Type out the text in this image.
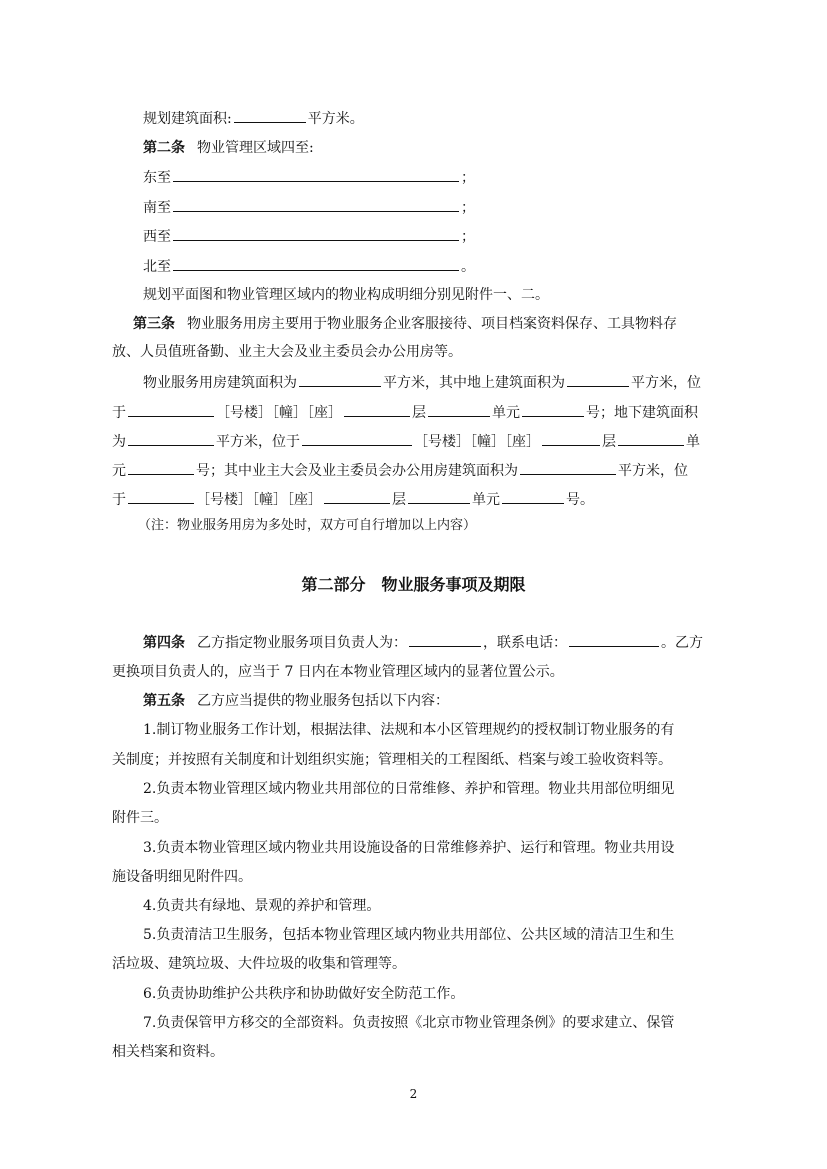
规划建筑面积:	平方米。
第二条 物业管理区域四至:
东至	；
南至	；
西至	；
北至	。
规划平面图和物业管理区域内的物业构成明细分别见附件一、二。
第三条 物业服务用房主要用于物业服务企业客服接待、项目档案资料保存、工具物料存
放、人员值班备勤、业主大会及业主委员会办公用房等。
物业服务用房建筑面积为	平方米，其中地上建筑面积为	平方米，位
于	［号楼］［幢］［座］	层	单元	号；地下建筑面积
为	平方米，位于	［号楼］［幢］［座］	层	单
元	号；其中业主大会及业主委员会办公用房建筑面积为	平方米，位
于	［号楼］［幢］［座］	层	单元	号。
（注：物业服务用房为多处时，双方可自行增加以上内容）
第二部分　物业服务事项及期限
第四条 乙方指定物业服务项目负责人为：	，联系电话：	。乙方
更换项目负责人的，应当于 7 日内在本物业管理区域内的显著位置公示。
第五条 乙方应当提供的物业服务包括以下内容：
1.制订物业服务工作计划，根据法律、法规和本小区管理规约的授权制订物业服务的有
关制度；并按照有关制度和计划组织实施；管理相关的工程图纸、档案与竣工验收资料等。
2.负责本物业管理区域内物业共用部位的日常维修、养护和管理。物业共用部位明细见
附件三。
3.负责本物业管理区域内物业共用设施设备的日常维修养护、运行和管理。物业共用设
施设备明细见附件四。
4.负责共有绿地、景观的养护和管理。
5.负责清洁卫生服务，包括本物业管理区域内物业共用部位、公共区域的清洁卫生和生
活垃圾、建筑垃圾、大件垃圾的收集和管理等。
6.负责协助维护公共秩序和协助做好安全防范工作。
7.负责保管甲方移交的全部资料。负责按照《北京市物业管理条例》的要求建立、保管
相关档案和资料。
2
